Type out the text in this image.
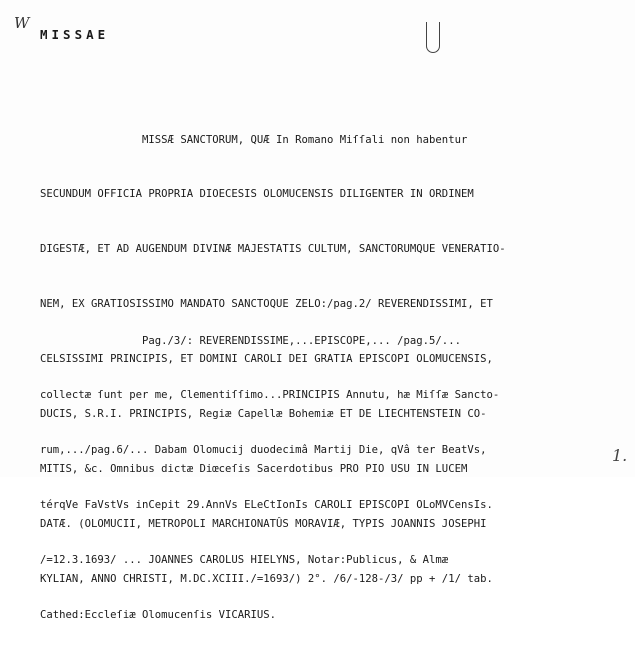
W
MISSAE

MISSÆ SANCTORUM, QUÆ In Romano Miſſali non habentur

SECUNDUM OFFICIA PROPRIA DIOECESIS OLOMUCENSIS DILIGENTER IN ORDINEM

DIGESTÆ, ET AD AUGENDUM DIVINÆ MAJESTATIS CULTUM, SANCTORUMQUE VENERATIO-

NEM, EX GRATIOSISSIMO MANDATO SANCTOQUE ZELO:/pag.2/ REVERENDISSIMI, ET

CELSISSIMI PRINCIPIS, ET DOMINI CAROLI DEI GRATIA EPISCOPI OLOMUCENSIS,

DUCIS, S.R.I. PRINCIPIS, Regiæ Capellæ Bohemiæ ET DE LIECHTENSTEIN CO-

MITIS, &c. Omnibus dictæ Diœceſis Sacerdotibus PRO PIO USU IN LUCEM

DATÆ. (OLOMUCII, METROPOLI MARCHIONATÛS MORAVIÆ, TYPIS JOANNIS JOSEPHI

KYLIAN, ANNO CHRISTI, M.DC.XCIII./=1693/) 2°. /6/-128-/3/ pp + /1/ tab.

Pag./3/: REVERENDISSIME,...EPISCOPE,... /pag.5/...

collectæ ſunt per me, Clementiſſimo...PRINCIPIS Annutu, hæ Miſſæ Sancto-

rum,.../pag.6/... Dabam Olomucij duodecimâ Martij Die, qVâ ter BeatVs,

térqVe FaVstVs inCepit 29.AnnVs ELeCtIonIs CAROLI EPISCOPI OLoMVCensIs.

/=12.3.1693/ ... JOANNES CAROLUS HIELYNS, Notar:Publicus, & Almæ

Cathed:Eccleſiæ Olomucenſis VICARIUS.

1.
